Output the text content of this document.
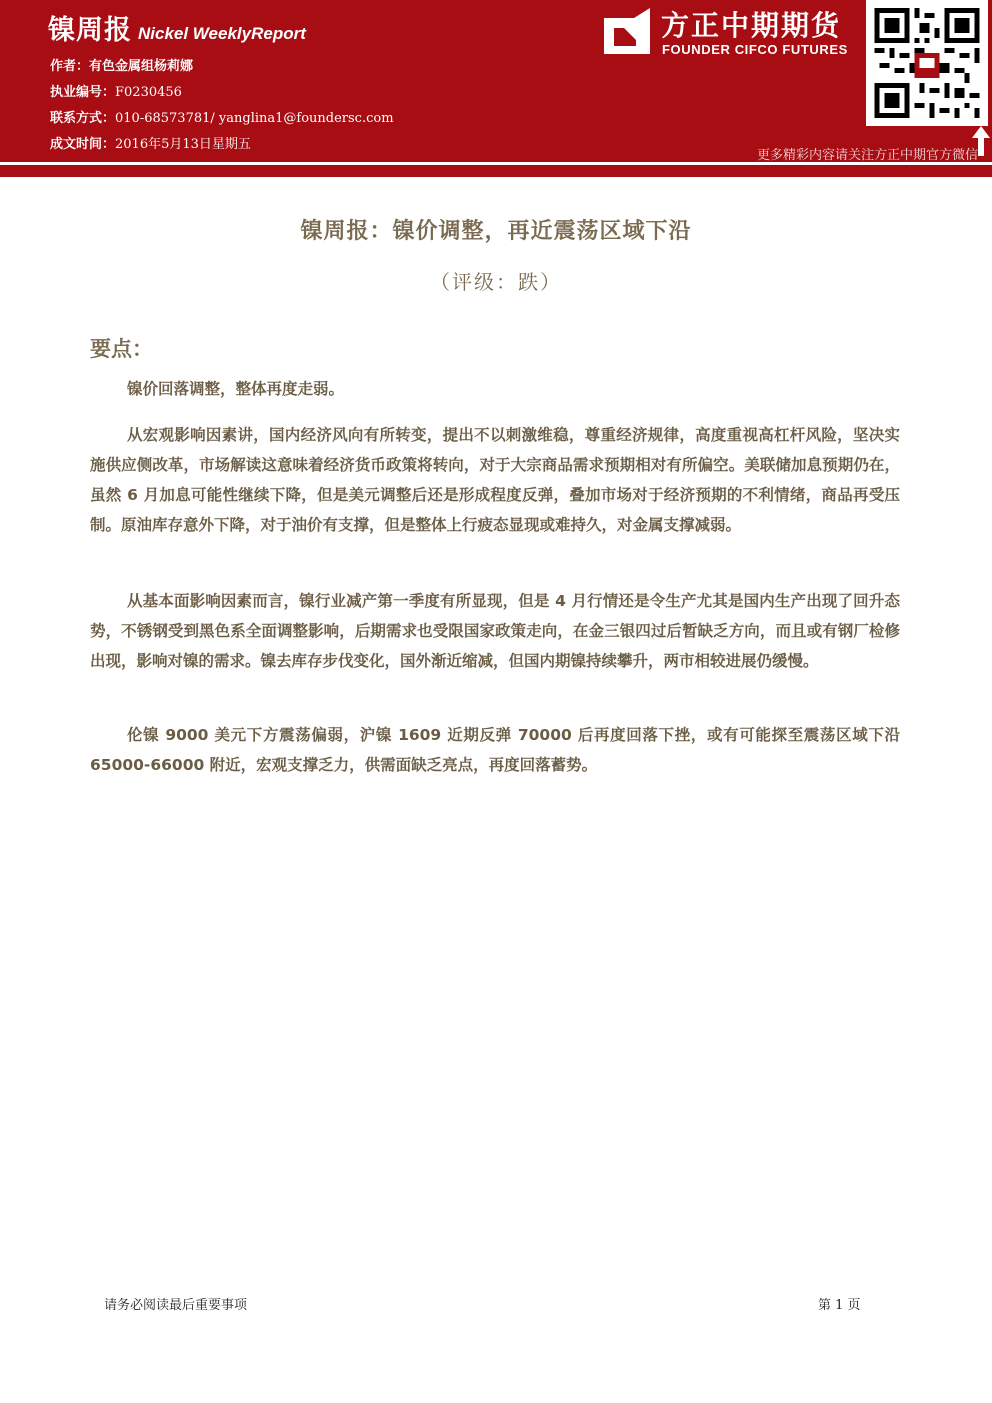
镍周报 Nickel WeeklyReport
作者：有色金属组杨莉娜
执业编号：F0230456
联系方式：010-68573781/ yanglina1@foundersc.com
成文时间：2016年5月13日星期五
方正中期期货
FOUNDER CIFCO FUTURES
更多精彩内容请关注方正中期官方微信
镍周报：镍价调整，再近震荡区域下沿
（评级：跌）
要点：

镍价回落调整，整体再度走弱。

从宏观影响因素讲，国内经济风向有所转变，提出不以刺激维稳，尊重经济规律，高度重视高杠杆风险，坚决实施供应侧改革，市场解读这意味着经济货币政策将转向，对于大宗商品需求预期相对有所偏空。美联储加息预期仍在，虽然 6 月加息可能性继续下降，但是美元调整后还是形成程度反弹，叠加市场对于经济预期的不利情绪，商品再受压制。原油库存意外下降，对于油价有支撑，但是整体上行疲态显现或难持久，对金属支撑减弱。

从基本面影响因素而言，镍行业减产第一季度有所显现，但是 4 月行情还是令生产尤其是国内生产出现了回升态势，不锈钢受到黑色系全面调整影响，后期需求也受限国家政策走向，在金三银四过后暂缺乏方向，而且或有钢厂检修出现，影响对镍的需求。镍去库存步伐变化，国外渐近缩减，但国内期镍持续攀升，两市相较进展仍缓慢。

伦镍 9000 美元下方震荡偏弱，沪镍 1609 近期反弹 70000 后再度回落下挫，或有可能探至震荡区域下沿 65000-66000 附近，宏观支撑乏力，供需面缺乏亮点，再度回落蓄势。

请务必阅读最后重要事项	第 1 页
